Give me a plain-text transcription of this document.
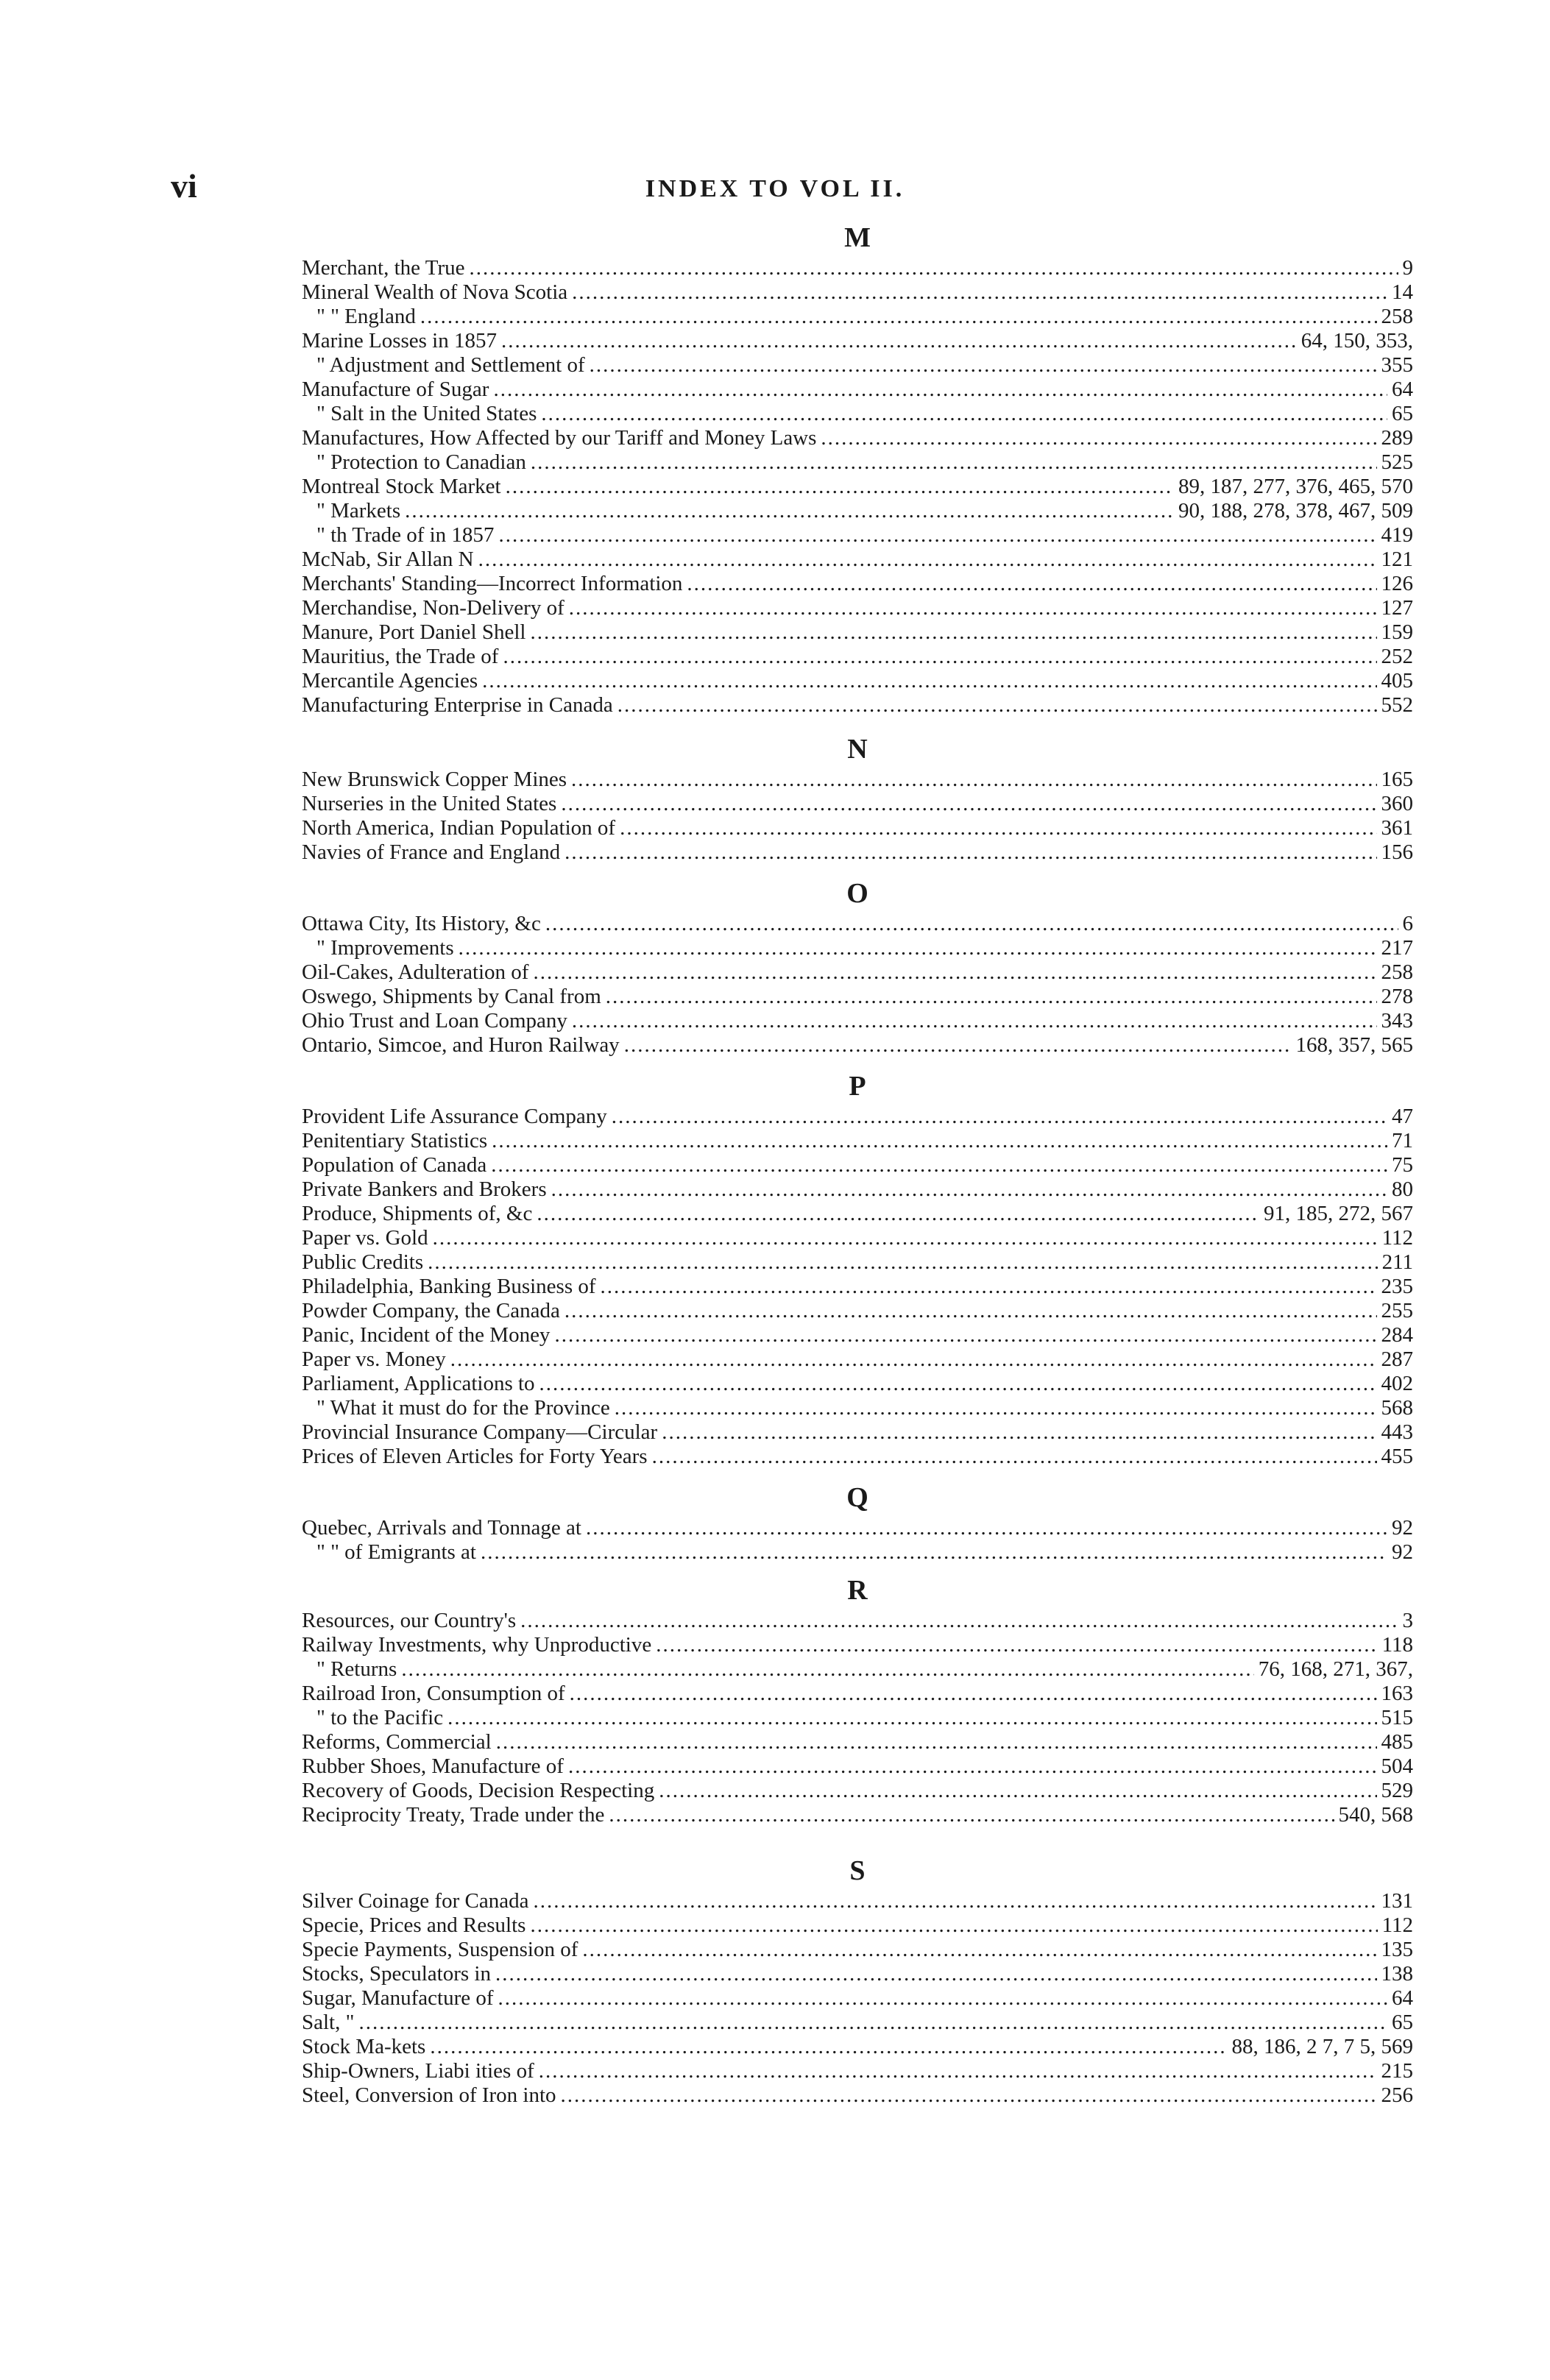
vi	INDEX TO VOL II.
M
Merchant, the True .....	9
Mineral Wealth of Nova Scotia .....	14
" " England .....	258
Marine Losses in 1857 .....	64, 150, 353,
" Adjustment and Settlement of .....	355
Manufacture of Sugar .....	64
" Salt in the United States .....	65
Manufactures, How Affected by our Tariff and Money Laws .....	289
" Protection to Canadian .....	525
Montreal Stock Market .....	89, 187, 277, 376, 465, 570
" Markets .....	90, 188, 278, 378, 467, 509
" th Trade of in 1857 .....	419
McNab, Sir Allan N .....	121
Merchants' Standing—Incorrect Information .....	126
Merchandise, Non-Delivery of .....	127
Manure, Port Daniel Shell .....	159
Mauritius, the Trade of .....	252
Mercantile Agencies .....	405
Manufacturing Enterprise in Canada .....	552
N
New Brunswick Copper Mines .....	165
Nurseries in the United States .....	360
North America, Indian Population of .....	361
Navies of France and England .....	156
O
Ottawa City, Its History, &c .....	6
" Improvements .....	217
Oil-Cakes, Adulteration of .....	258
Oswego, Shipments by Canal from .....	278
Ohio Trust and Loan Company .....	343
Ontario, Simcoe, and Huron Railway .....	168, 357, 565
P
Provident Life Assurance Company .....	47
Penitentiary Statistics .....	71
Population of Canada .....	75
Private Bankers and Brokers .....	80
Produce, Shipments of, &c .....	91, 185, 272, 567
Paper vs. Gold .....	112
Public Credits .....	211
Philadelphia, Banking Business of .....	235
Powder Company, the Canada .....	255
Panic, Incident of the Money .....	284
Paper vs. Money .....	287
Parliament, Applications to .....	402
" What it must do for the Province .....	568
Provincial Insurance Company—Circular .....	443
Prices of Eleven Articles for Forty Years .....	455
Q
Quebec, Arrivals and Tonnage at .....	92
" " of Emigrants at .....	92
R
Resources, our Country's .....	3
Railway Investments, why Unproductive .....	118
" Returns .....	76, 168, 271, 367,
Railroad Iron, Consumption of .....	163
" to the Pacific .....	515
Reforms, Commercial .....	485
Rubber Shoes, Manufacture of .....	504
Recovery of Goods, Decision Respecting .....	529
Reciprocity Treaty, Trade under the .....	540, 568
S
Silver Coinage for Canada .....	131
Specie, Prices and Results .....	112
Specie Payments, Suspension of .....	135
Stocks, Speculators in .....	138
Sugar, Manufacture of .....	64
Salt, " .....	65
Stock Ma-kets .....	88, 186, 2 7, 7 5, 569
Ship-Owners, Liabi ities of .....	215
Steel, Conversion of Iron into .....	256
